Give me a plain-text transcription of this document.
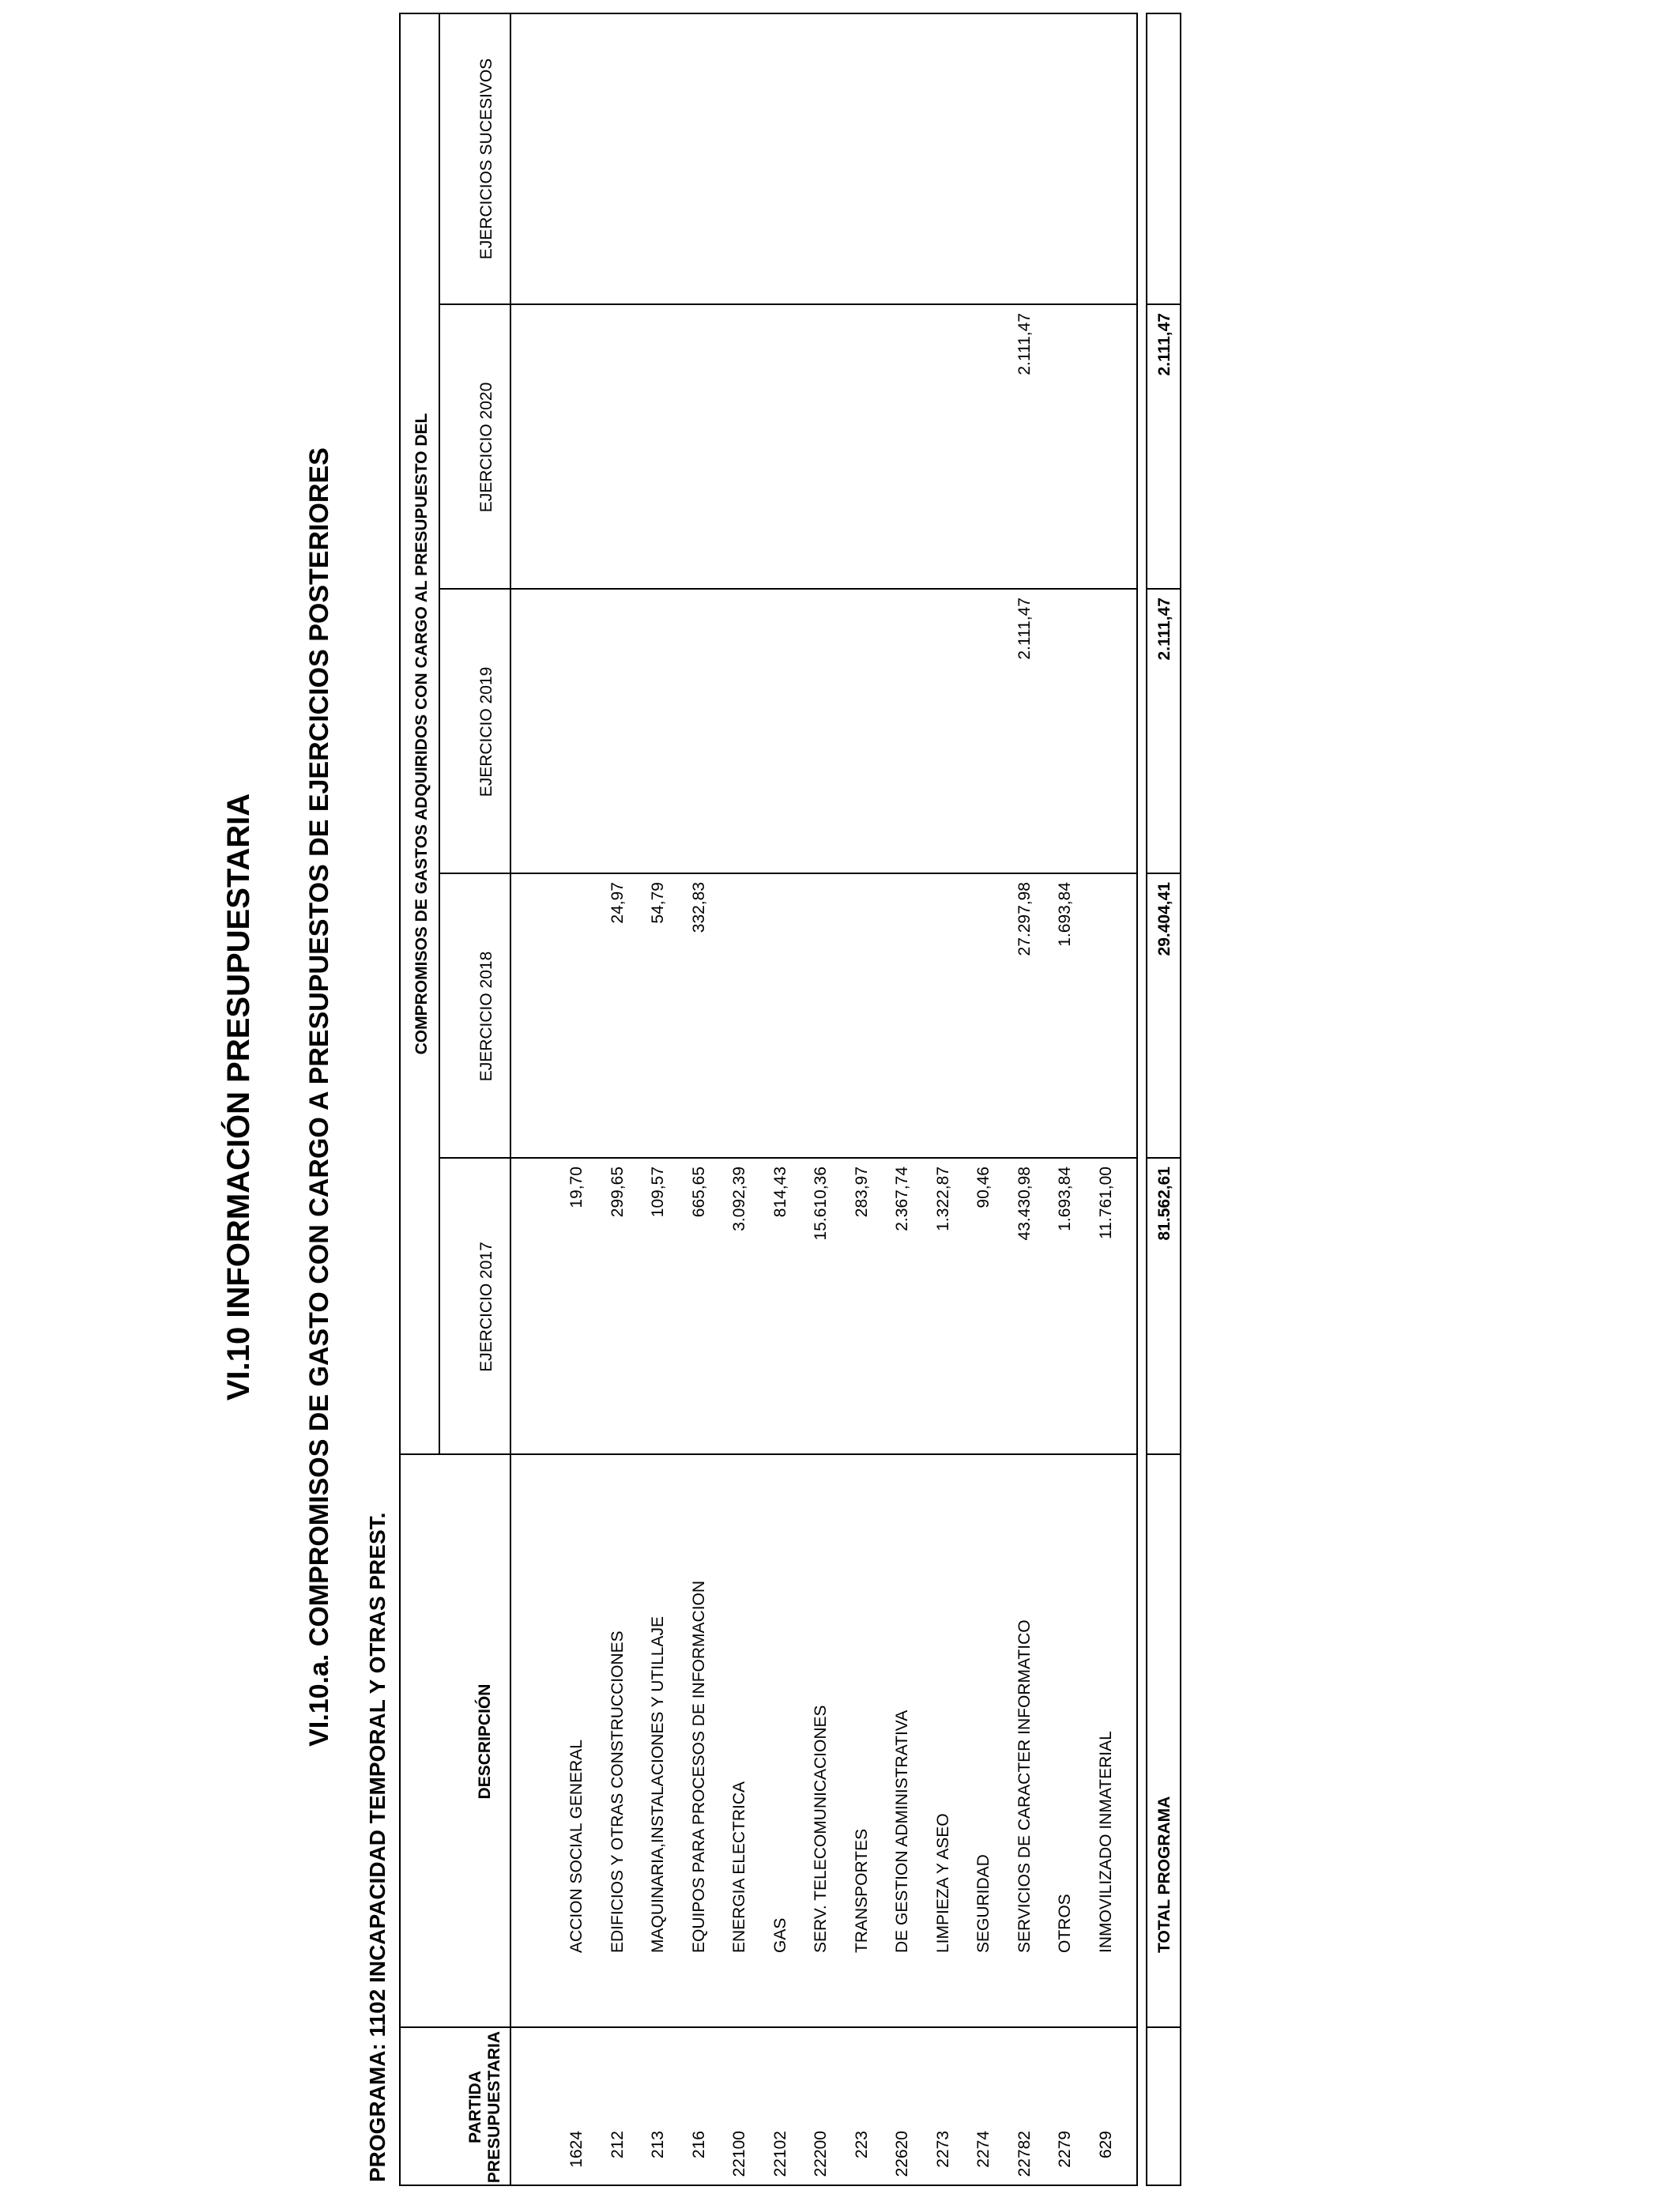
VI.10 INFORMACIÓN PRESUPUESTARIA VI.10.a. COMPROMISOS DE GASTO CON CARGO A PRESUPUESTOS DE EJERCICIOS POSTERIORES
PROGRAMA: 1102 INCAPACIDAD TEMPORAL Y OTRAS PREST.	PARTIDA PRESUPUESTARIA
DESCRIPCIÓN
COMPROMISOS DE GASTOS ADQUIRIDOS CON CARGO AL PRESUPUESTO DEL
EJERCICIO 2017
EJERCICIO 2018
EJERCICIO 2019
EJERCICIO 2020
EJERCICIOS SUCESIVOS
1624
ACCION SOCIAL GENERAL
19,70
212
EDIFICIOS Y OTRAS CONSTRUCCIONES
299,65
24,97
213
MAQUINARIA,INSTALACIONES Y UTILLAJE
109,57
54,79
216
EQUIPOS PARA PROCESOS DE INFORMACION
665,65
332,83
22100
ENERGIA ELECTRICA
3.092,39
22102
GAS
814,43
22200
SERV. TELECOMUNICACIONES
15.610,36
223
TRANSPORTES
283,97
22620
DE GESTION ADMINISTRATIVA
2.367,74
2273
LIMPIEZA Y ASEO
1.322,87
2274
SEGURIDAD
90,46
22782
SERVICIOS DE CARACTER INFORMATICO
43.430,98
27.297,98
2.111,47
2.111,47
2279
OTROS
1.693,84
1.693,84
629
INMOVILIZADO INMATERIAL
11.761,00
TOTAL PROGRAMA
81.562,61
29.404,41
2.111,47
2.111,47
